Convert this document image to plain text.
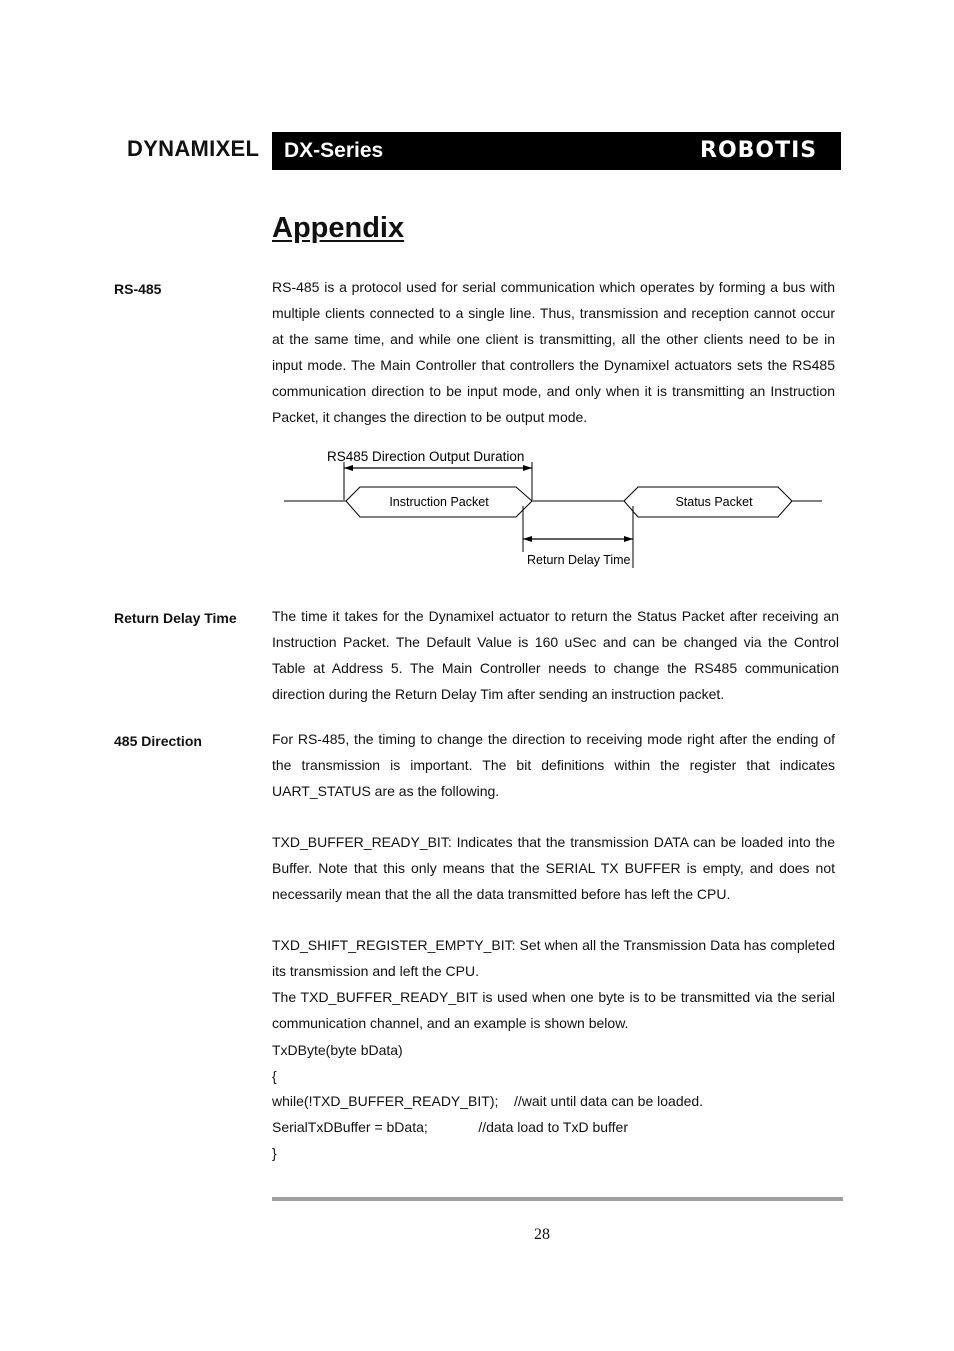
DYNAMIXEL DX-Series	ROBOTIS
Appendix
RS-485	RS-485 is a protocol used for serial communication which operates by forming a bus with multiple clients connected to a single line. Thus, transmission and reception cannot occur at the same time, and while one client is transmitting, all the other clients need to be in input mode. The Main Controller that controllers the Dynamixel actuators sets the RS485 communication direction to be input mode, and only when it is transmitting an Instruction Packet, it changes the direction to be output mode.

RS485 Direction Output Duration
Instruction Packet	Status Packet
Return Delay Time
Return Delay Time	The time it takes for the Dynamixel actuator to return the Status Packet after receiving an Instruction Packet. The Default Value is 160 uSec and can be changed via the Control Table at Address 5. The Main Controller needs to change the RS485 communication direction during the Return Delay Tim after sending an instruction packet.

485 Direction	For RS-485, the timing to change the direction to receiving mode right after the ending of the transmission is important. The bit definitions within the register that indicates UART_STATUS are as the following.

TXD_BUFFER_READY_BIT: Indicates that the transmission DATA can be loaded into the Buffer. Note that this only means that the SERIAL TX BUFFER is empty, and does not necessarily mean that the all the data transmitted before has left the CPU.

TXD_SHIFT_REGISTER_EMPTY_BIT: Set when all the Transmission Data has completed its transmission and left the CPU.

The TXD_BUFFER_READY_BIT is used when one byte is to be transmitted via the serial communication channel, and an example is shown below.

TxDByte(byte bData)
{
while(!TXD_BUFFER_READY_BIT);    //wait until data can be loaded.
SerialTxDBuffer = bData;             //data load to TxD buffer
}
28
